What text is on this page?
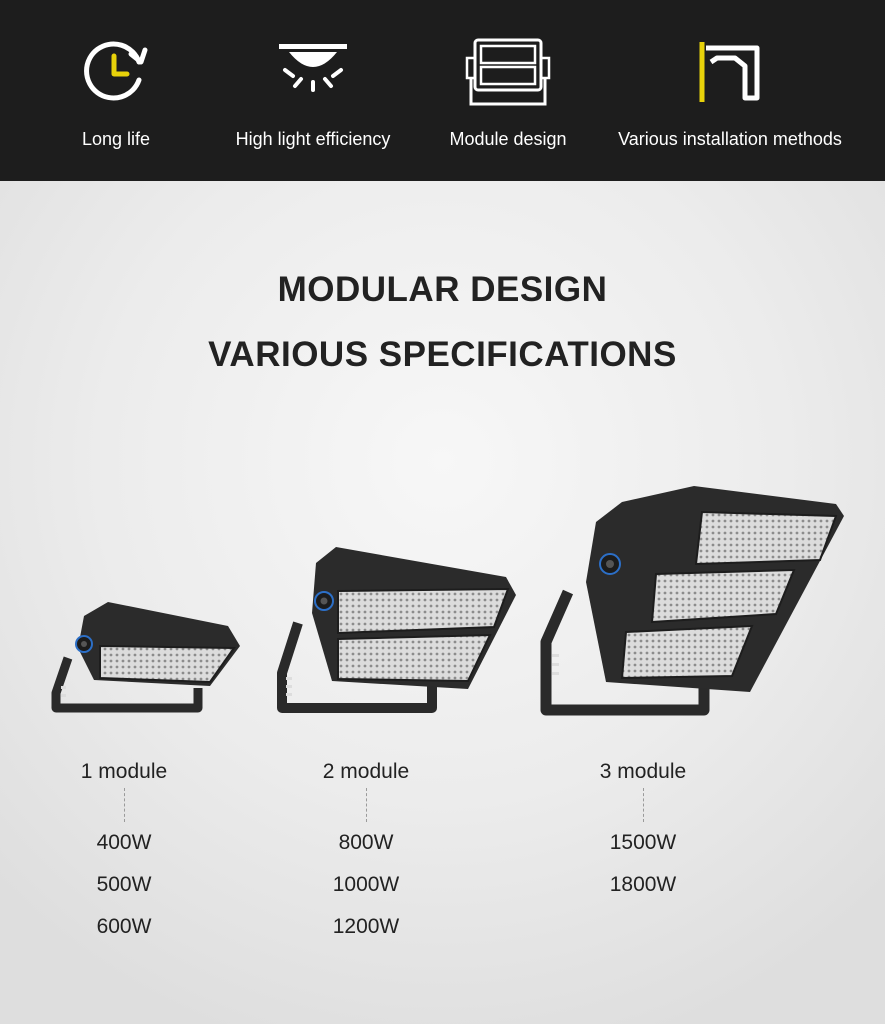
Long life	High light efficiency	Module design	Various installation methods
MODULAR DESIGN
VARIOUS SPECIFICATIONS
1 module
400W
500W
600W
2 module
800W
1000W
1200W
3 module
1500W
1800W
